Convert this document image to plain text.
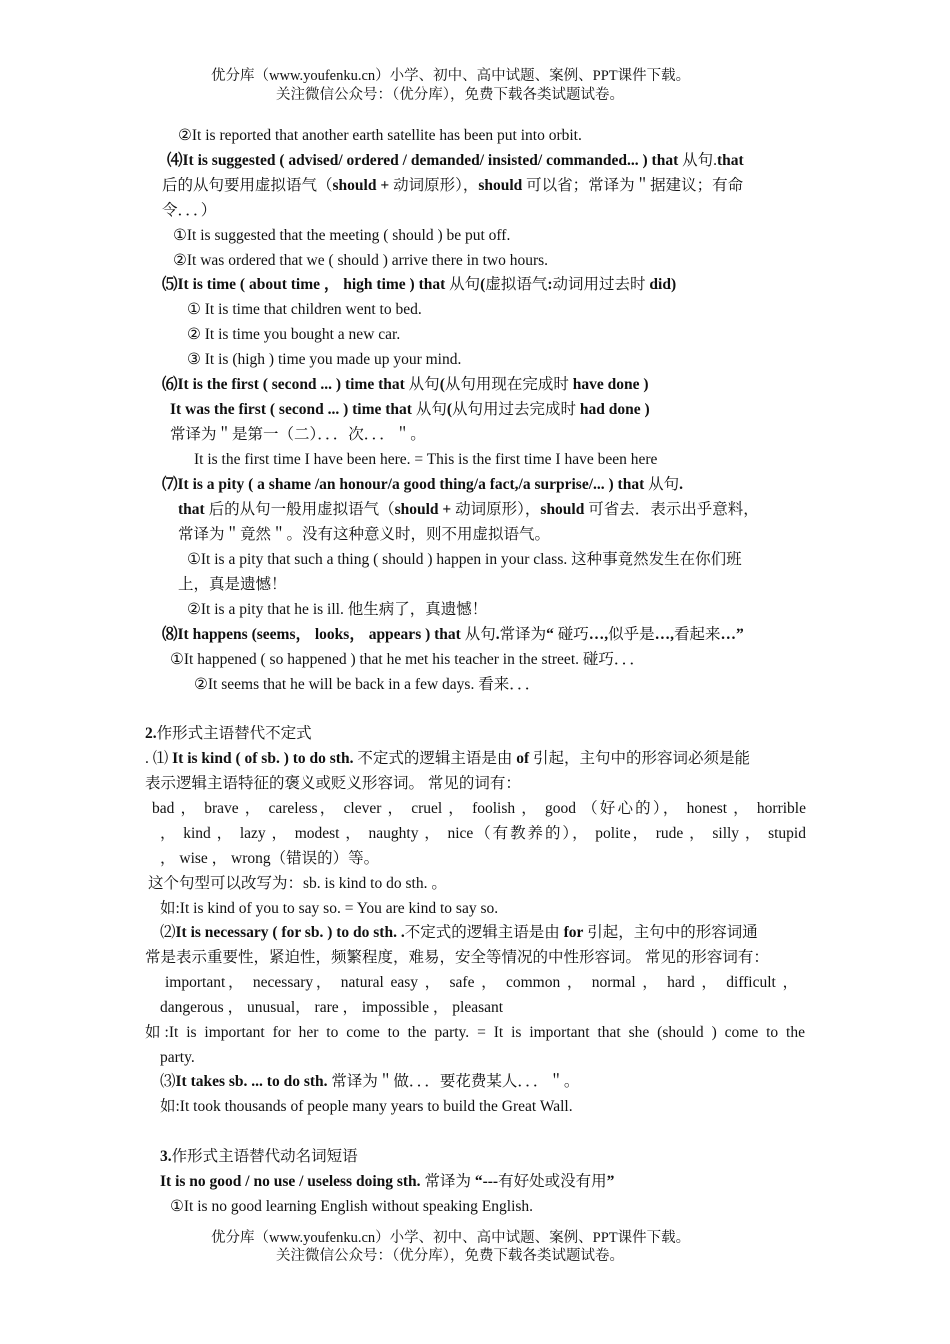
优分库（www.youfenku.cn）小学、初中、高中试题、案例、PPT课件下载。
关注微信公众号：（优分库），免费下载各类试题试卷。
②It is reported that another earth satellite has been put into orbit.
⑷It is suggested ( advised/ ordered / demanded/ insisted/ commanded... ) that 从句.that
后的从句要用虚拟语气（should + 动词原形），should 可以省；常译为＂据建议；有命
令．．．）
①It is suggested that the meeting ( should ) be put off.
②It was ordered that we ( should ) arrive there in two hours.
⑸It is time ( about time ， high time ) that 从句(虚拟语气:动词用过去时 did)
① It is time that children went to bed.
② It is time you bought a new car.
③ It is (high ) time you made up your mind.
⑹It is the first ( second ... ) time that 从句(从句用现在完成时 have done )
It was the first ( second ... ) time that 从句(从句用过去完成时 had done )
常译为＂是第一（二）．．．次．．．＂。
It is the first time I have been here. = This is the first time I have been here
⑺It is a pity ( a shame /an honour/a good thing/a fact,/a surprise/... ) that 从句.
that 后的从句一般用虚拟语气（should + 动词原形），should 可省去．表示出乎意料，
常译为＂竟然＂。没有这种意义时，则不用虚拟语气。
①It is a pity that such a thing ( should ) happen in your class. 这种事竟然发生在你们班
上，真是遗憾！
②It is a pity that he is ill. 他生病了，真遗憾！
⑻It happens (seems， looks， appears ) that 从句.常译为“ 碰巧…,似乎是…,看起来…”
①It happened ( so happened ) that he met his teacher in the street. 碰巧．．．
②It seems that he will be back in a few days. 看来．．．
2.作形式主语替代不定式
. ⑴ It is kind ( of sb. ) to do sth. 不定式的逻辑主语是由 of 引起，主句中的形容词必须是能
表示逻辑主语特征的褒义或贬义形容词。 常见的词有：
bad ， brave ， careless， clever ， cruel ， foolish ， good （好心的）， honest ， horrible
， kind ， lazy ， modest ， naughty ， nice（有教养的）， polite， rude ， silly ， stupid
， wise ， wrong（错误的）等。
这个句型可以改写为：sb. is kind to do sth. 。
如:It is kind of you to say so. = You are kind to say so.
⑵It is necessary ( for sb. ) to do sth. .不定式的逻辑主语是由 for 引起，主句中的形容词通
常是表示重要性，紧迫性，频繁程度，难易，安全等情况的中性形容词。 常见的形容词有：
important， necessary， natural easy ， safe ， common ， normal ， hard ， difficult ，
dangerous ， unusual， rare ， impossible ， pleasant
如:It is important for her to come to the party. = It is important that she (should ) come to the
party.
⑶It takes sb. ... to do sth. 常译为＂做．．．要花费某人．．．＂。
如:It took thousands of people many years to build the Great Wall.
3.作形式主语替代动名词短语
It is no good / no use / useless doing sth. 常译为 “---有好处或没有用”
①It is no good learning English without speaking English.
优分库（www.youfenku.cn）小学、初中、高中试题、案例、PPT课件下载。
关注微信公众号：（优分库），免费下载各类试题试卷。
